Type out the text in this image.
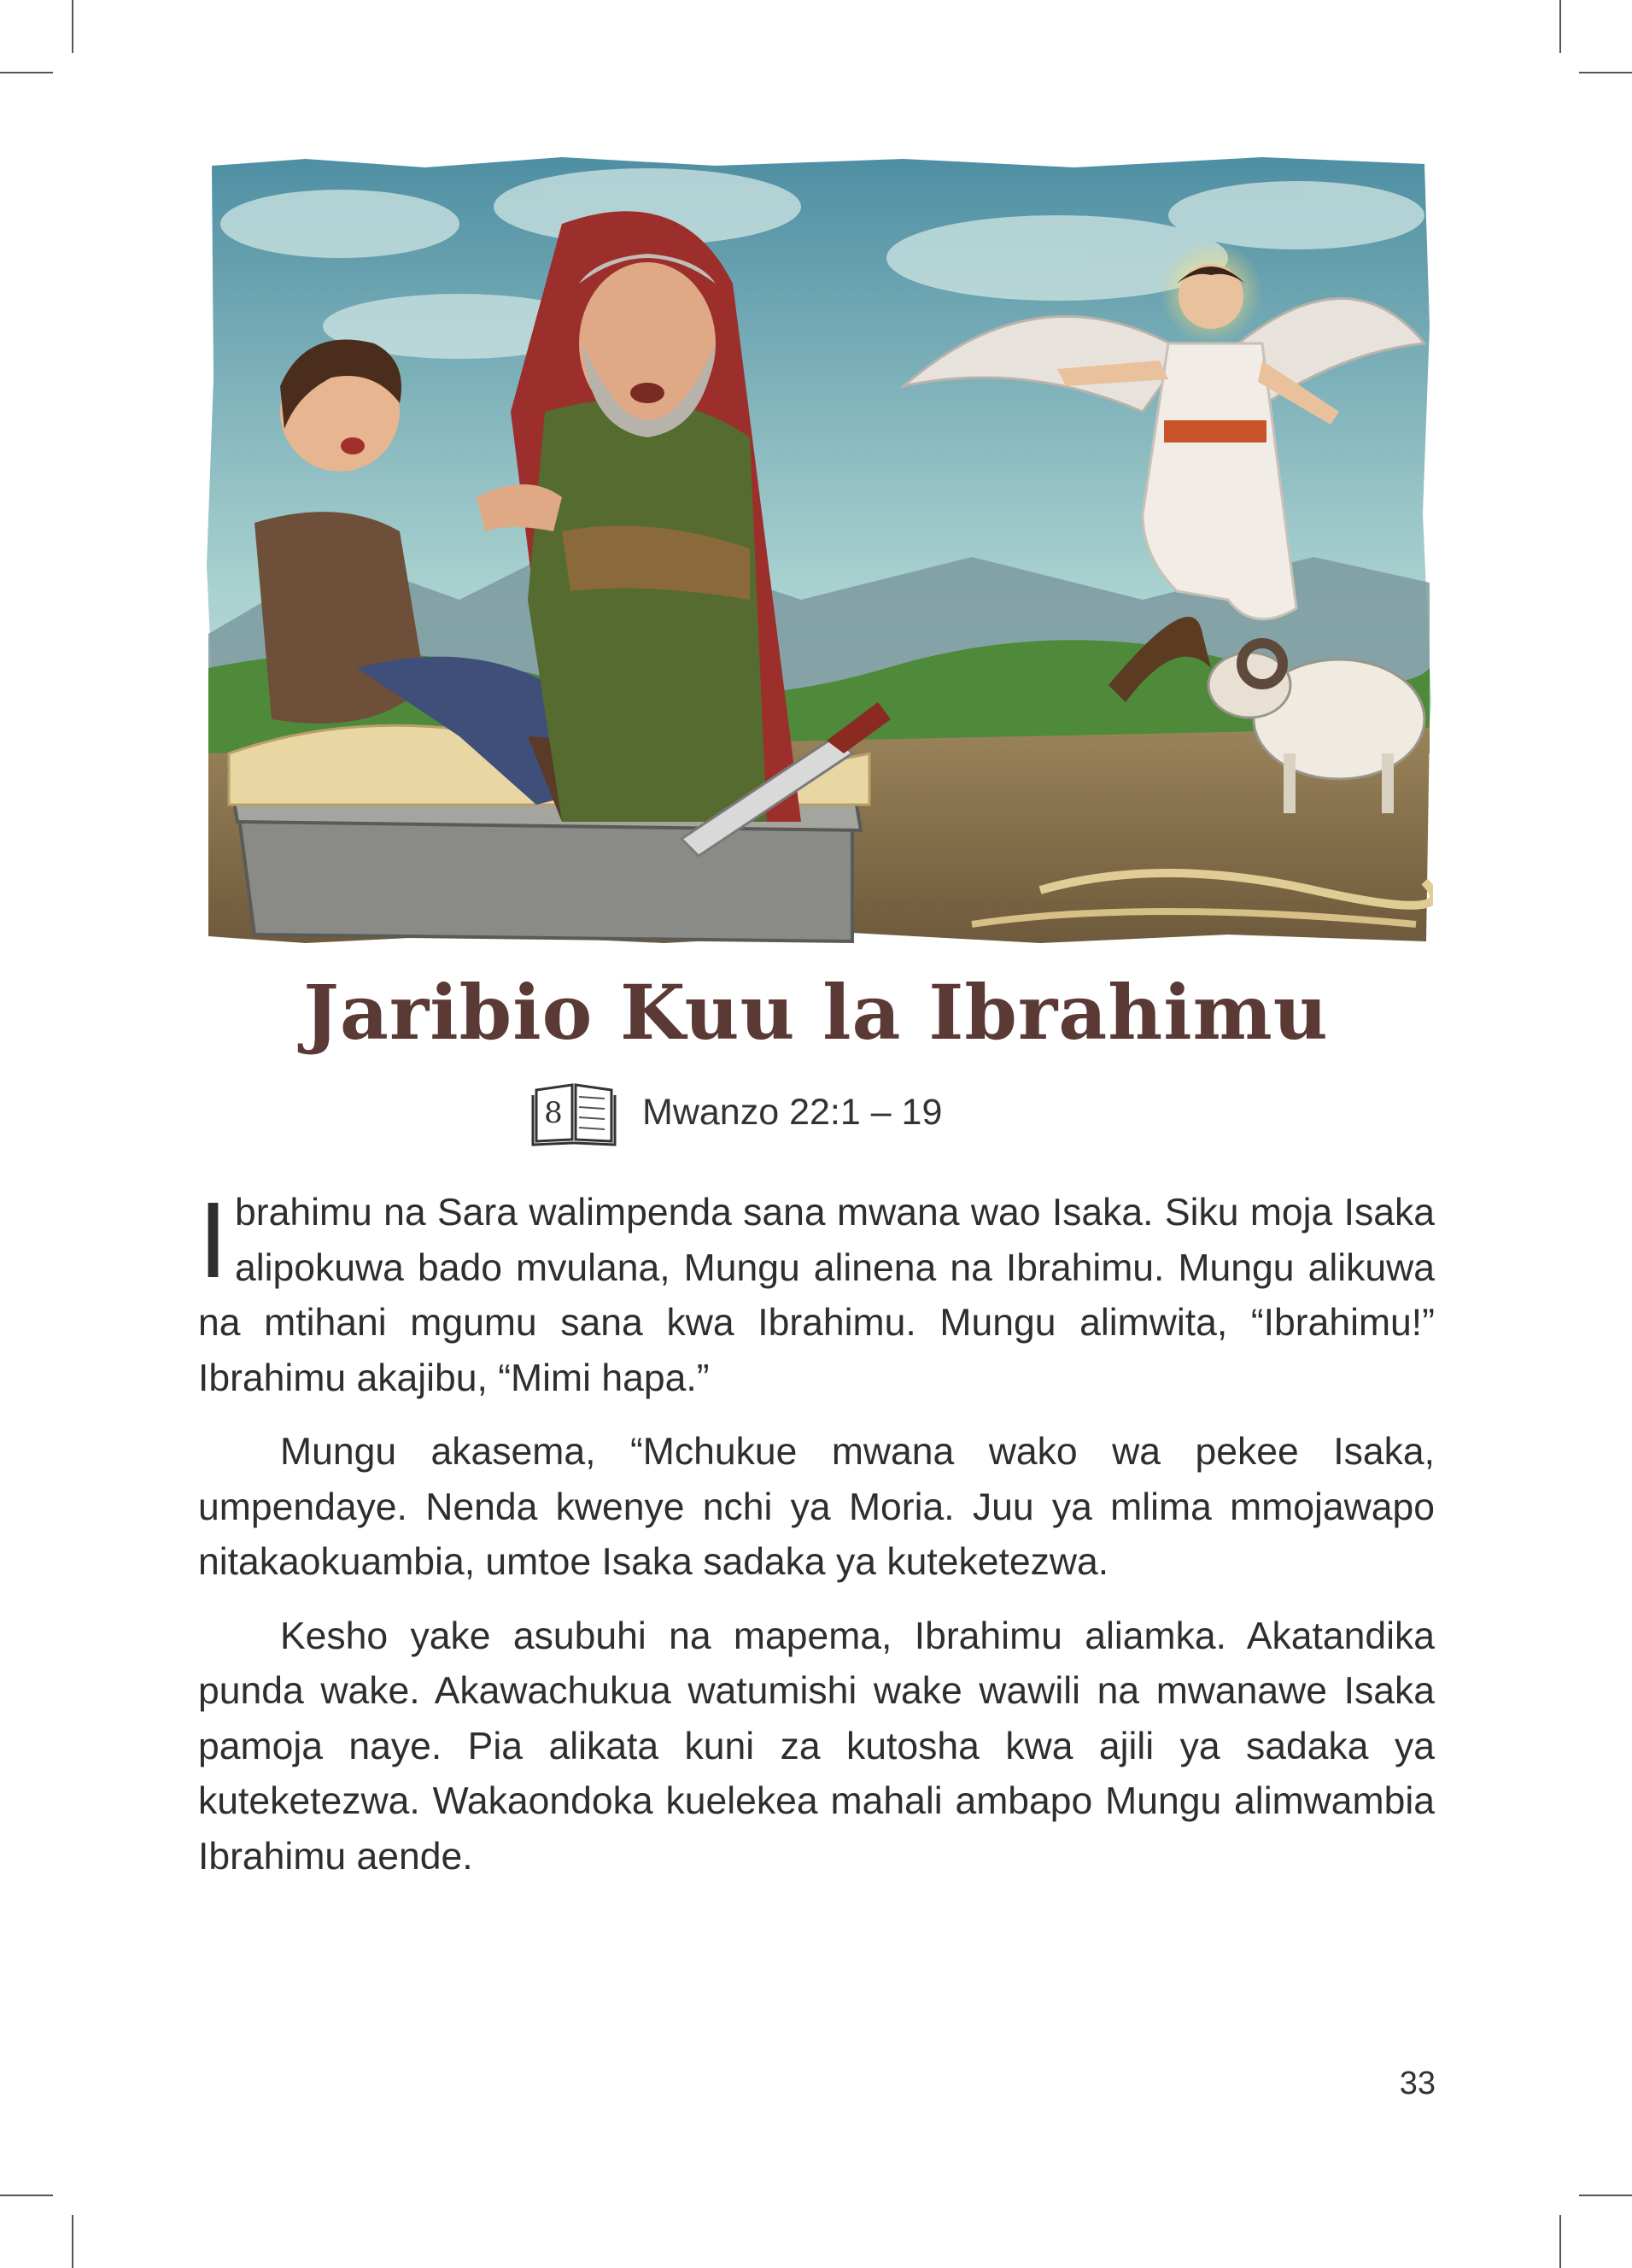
Jaribio Kuu la Ibrahimu
8 Mwanzo 22:1 – 19

Ibrahimu na Sara walimpenda sana mwana wao Isaka. Siku moja Isaka alipokuwa bado mvulana, Mungu alinena na Ibrahimu. Mungu alikuwa na mtihani mgumu sana kwa Ibrahimu. Mungu alimwita, “Ibrahimu!” Ibrahimu akajibu, “Mimi hapa.”

Mungu akasema, “Mchukue mwana wako wa pekee Isaka, umpendaye. Nenda kwenye nchi ya Moria. Juu ya mlima mmojawapo nitakaokuambia, umtoe Isaka sadaka ya kuteketezwa.

Kesho yake asubuhi na mapema, Ibrahimu aliamka. Akatandika punda wake. Akawachukua watumishi wake wawili na mwanawe Isaka pamoja naye. Pia alikata kuni za kutosha kwa ajili ya sadaka ya kuteketezwa. Wakaondoka kuelekea mahali ambapo Mungu alimwambia Ibrahimu aende.

33
